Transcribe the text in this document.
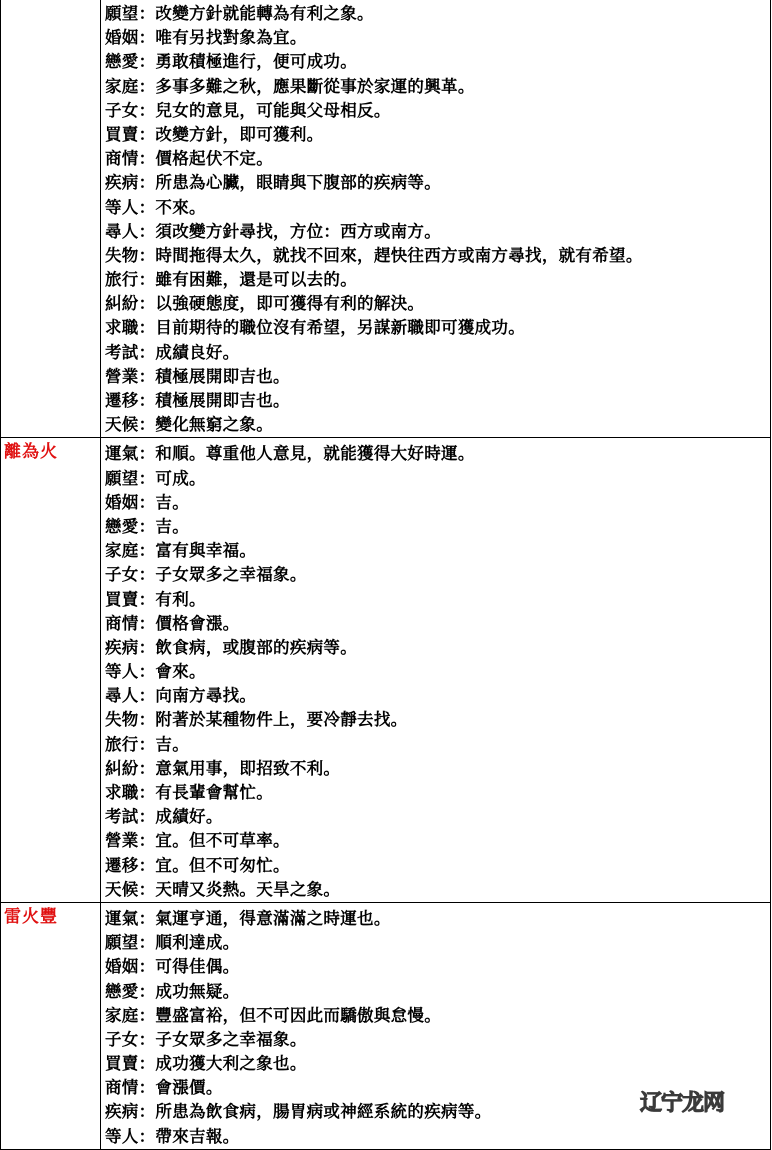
願望：改變方針就能轉為有利之象。
婚姻：唯有另找對象為宜。
戀愛：勇敢積極進行，便可成功。
家庭：多事多難之秋，應果斷從事於家運的興革。
子女：兒女的意見，可能與父母相反。
買賣：改變方針，即可獲利。
商情：價格起伏不定。
疾病：所患為心臟，眼睛與下腹部的疾病等。
等人：不來。
尋人：須改變方針尋找，方位：西方或南方。
失物：時間拖得太久，就找不回來，趕快往西方或南方尋找，就有希望。
旅行：雖有困難，還是可以去的。
糾紛：以強硬態度，即可獲得有利的解決。
求職：目前期待的職位沒有希望，另謀新職即可獲成功。
考試：成績良好。
營業：積極展開即吉也。
遷移：積極展開即吉也。
天候：變化無窮之象。

離為火	運氣：和順。尊重他人意見，就能獲得大好時運。
願望：可成。
婚姻：吉。
戀愛：吉。
家庭：富有與幸福。
子女：子女眾多之幸福象。
買賣：有利。
商情：價格會漲。
疾病：飲食病，或腹部的疾病等。
等人：會來。
尋人：向南方尋找。
失物：附著於某種物件上，要冷靜去找。
旅行：吉。
糾紛：意氣用事，即招致不利。
求職：有長輩會幫忙。
考試：成績好。
營業：宜。但不可草率。
遷移：宜。但不可匆忙。
天候：天晴又炎熱。天旱之象。

雷火豐	運氣：氣運亨通，得意滿滿之時運也。
願望：順利達成。
婚姻：可得佳偶。
戀愛：成功無疑。
家庭：豐盛富裕，但不可因此而驕傲與怠慢。
子女：子女眾多之幸福象。
買賣：成功獲大利之象也。
商情：會漲價。
疾病：所患為飲食病，腸胃病或神經系統的疾病等。
等人：帶來吉報。
辽宁龙网
